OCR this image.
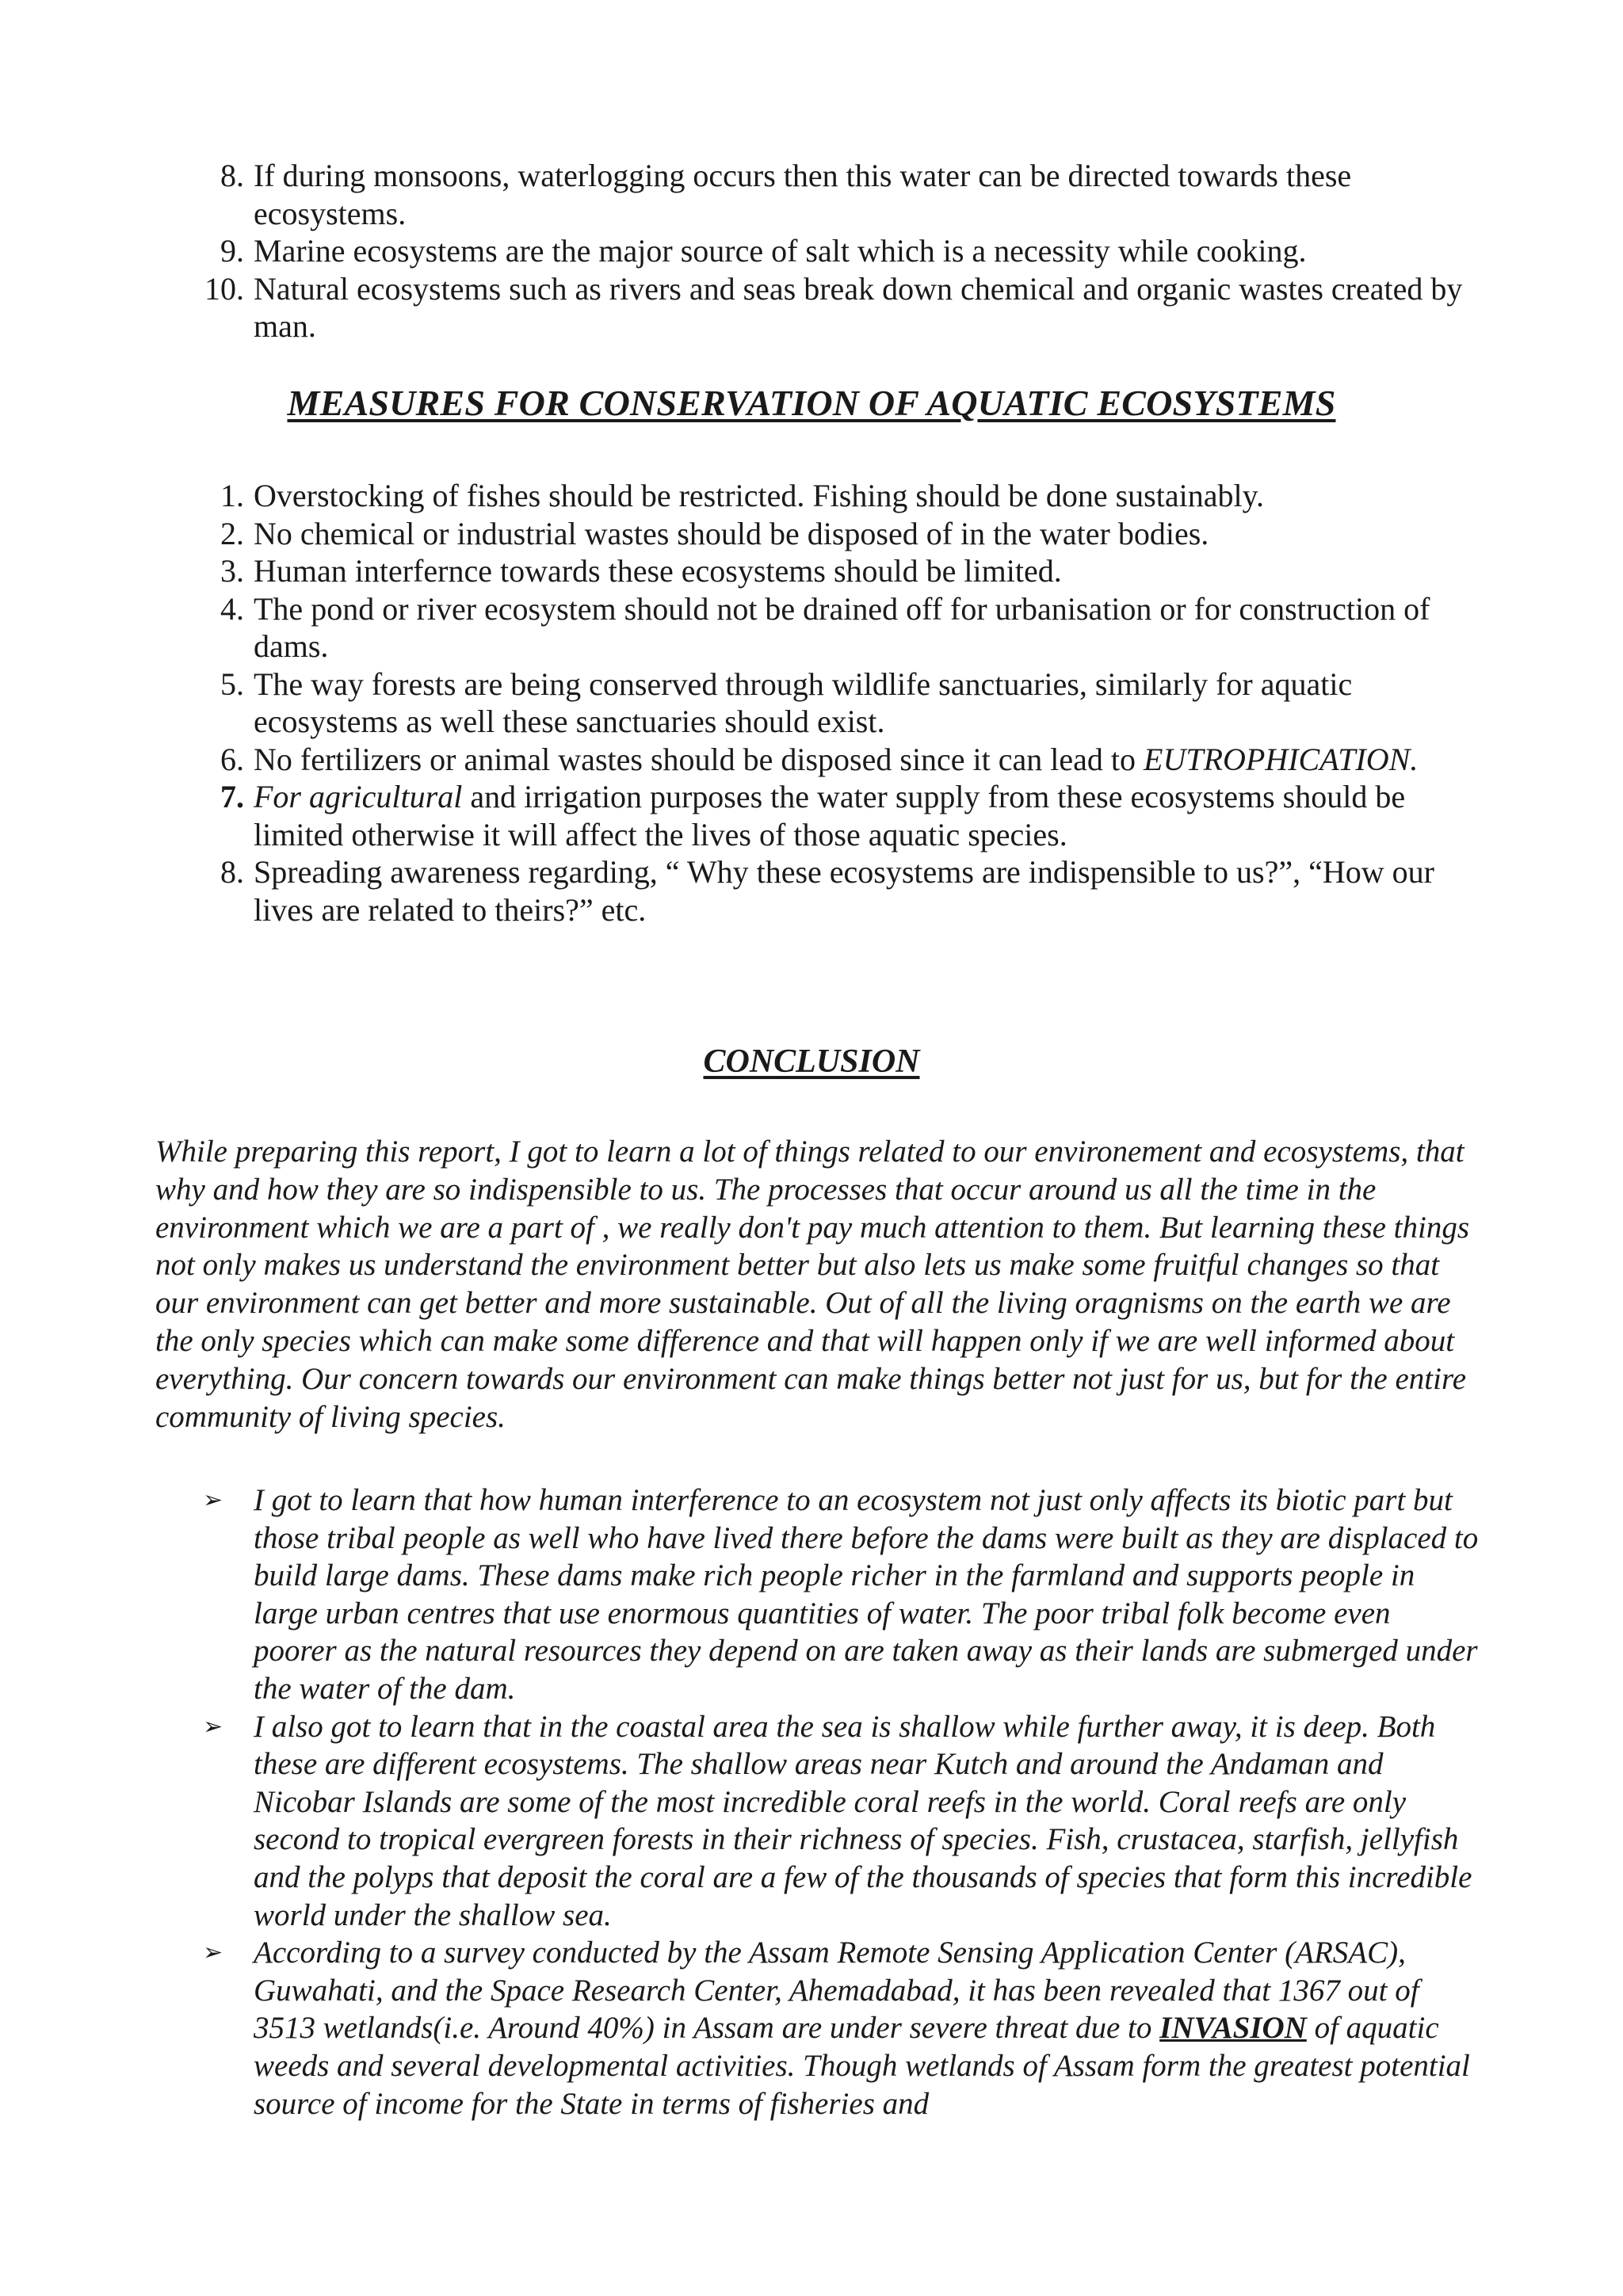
8. If during monsoons, waterlogging occurs then this water can be directed towards these ecosystems.
9. Marine ecosystems are the major source of salt which is a necessity while cooking.
10. Natural ecosystems such as rivers and seas break down chemical and organic wastes created by man.
MEASURES FOR CONSERVATION OF AQUATIC ECOSYSTEMS
1. Overstocking of fishes should be restricted. Fishing should be done sustainably.
2. No chemical or industrial wastes should be disposed of in the water bodies.
3. Human interfernce towards these ecosystems should be limited.
4. The pond or river ecosystem should not be drained off for urbanisation or for construction of dams.
5. The way forests are being conserved through wildlife sanctuaries, similarly for aquatic ecosystems as well these sanctuaries should exist.
6. No fertilizers or animal wastes should be disposed since it can lead to EUTROPHICATION.
7. For agricultural and irrigation purposes the water supply from these ecosystems should be limited otherwise it will affect the lives of those aquatic species.
8. Spreading awareness regarding, “ Why these ecosystems are indispensible to us?”, “How our lives are related to theirs?” etc.
CONCLUSION

While preparing this report, I got to learn a lot of things related to our environement and ecosystems, that why and how they are so indispensible to us. The processes that occur around us all the time in the environment which we are a part of , we really don't pay much attention to them. But learning these things not only makes us understand the environment better but also lets us make some fruitful changes so that our environment can get better and more sustainable. Out of all the living oragnisms on the earth we are the only species which can make some difference and that will happen only if we are well informed about everything. Our concern towards our environment can make things better not just for us, but for the entire community of living species.

➢ I got to learn that how human interference to an ecosystem not just only affects its biotic part but those tribal people as well who have lived there before the dams were built as they are displaced to build large dams. These dams make rich people richer in the farmland and supports people in large urban centres that use enormous quantities of water. The poor tribal folk become even poorer as the natural resources they depend on are taken away as their lands are submerged under the water of the dam.
➢ I also got to learn that in the coastal area the sea is shallow while further away, it is deep. Both these are different ecosystems. The shallow areas near Kutch and around the Andaman and Nicobar Islands are some of the most incredible coral reefs in the world. Coral reefs are only second to tropical evergreen forests in their richness of species. Fish, crustacea, starfish, jellyfish and the polyps that deposit the coral are a few of the thousands of species that form this incredible world under the shallow sea.
➢ According to a survey conducted by the Assam Remote Sensing Application Center (ARSAC), Guwahati, and the Space Research Center, Ahemadabad, it has been revealed that 1367 out of 3513 wetlands(i.e. Around 40%) in Assam are under severe threat due to INVASION of aquatic weeds and several developmental activities. Though wetlands of Assam form the greatest potential source of income for the State in terms of fisheries and
